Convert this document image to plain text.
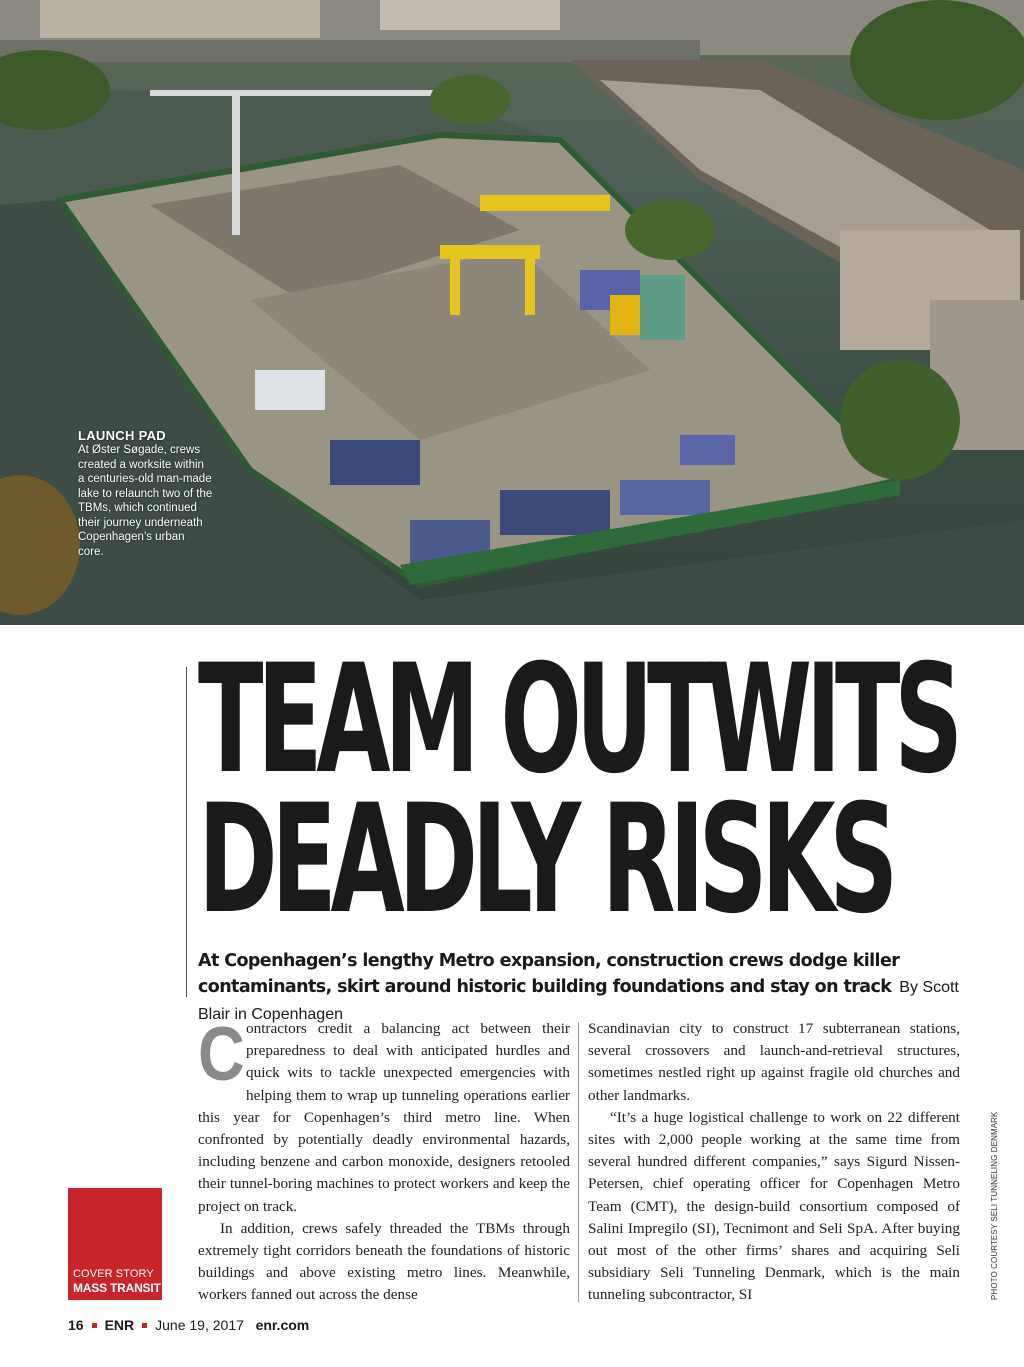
LAUNCH PAD
At Øster Søgade, crews created a worksite within a centuries-old man-made lake to relaunch two of the TBMs, which continued their journey underneath Copenhagen’s urban core.
TEAM OUTWITS
DEADLY RISKS
At Copenhagen’s lengthy Metro expansion, construction crews dodge killer contaminants, skirt around historic building foundations and stay on track By Scott Blair in Copenhagen

Contractors credit a balancing act between their preparedness to deal with anticipated hurdles and quick wits to tackle unexpected emergencies with helping them to wrap up tunneling operations earlier this year for Copenhagen’s third metro line. When confronted by potentially deadly environmental hazards, including benzene and carbon monoxide, designers retooled their tunnel-boring machines to protect workers and keep the project on track.

In addition, crews safely threaded the TBMs through extremely tight corridors beneath the foundations of historic buildings and above existing metro lines. Meanwhile, workers fanned out across the dense

Scandinavian city to construct 17 subterranean stations, several crossovers and launch-and-retrieval structures, sometimes nestled right up against fragile old churches and other landmarks.

“It’s a huge logistical challenge to work on 22 different sites with 2,000 people working at the same time from several hundred different companies,” says Sigurd Nissen-Petersen, chief operating officer for Copenhagen Metro Team (CMT), the design-build consortium composed of Salini Impregilo (SI), Tecnimont and Seli SpA. After buying out most of the other firms’ shares and acquiring Seli subsidiary Seli Tunneling Denmark, which is the main tunneling subcontractor, SI

COVER STORY
MASS TRANSIT	PHOTO COURTESY SELI TUNNELING DENMARK
16 ENR June 19, 2017 enr.com
